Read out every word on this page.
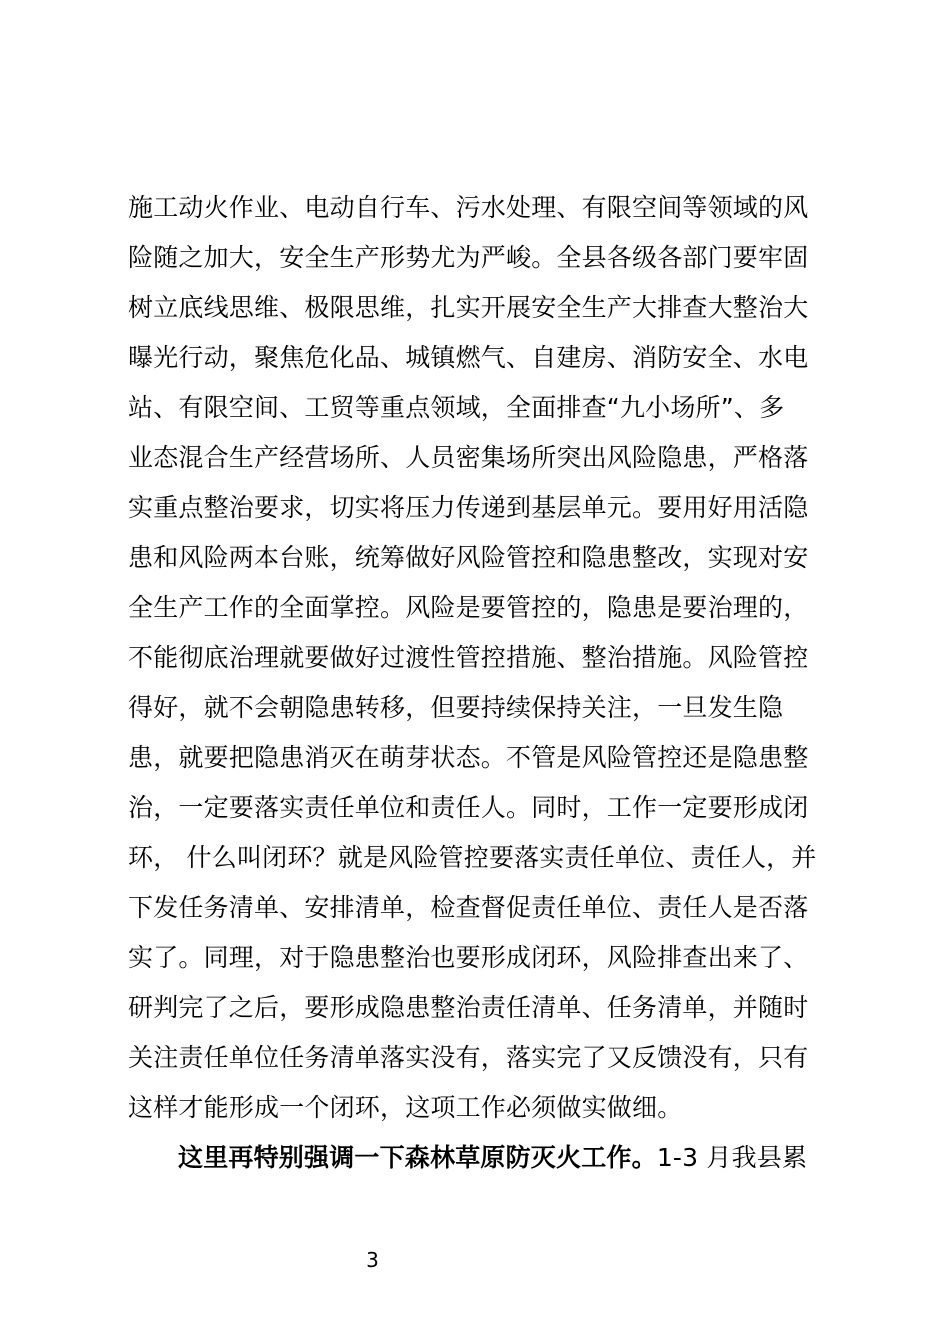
施工动火作业、电动自行车、污水处理、有限空间等领域的风
险随之加大，安全生产形势尤为严峻。全县各级各部门要牢固
树立底线思维、极限思维，扎实开展安全生产大排查大整治大
曝光行动，聚焦危化品、城镇燃气、自建房、消防安全、水电
站、有限空间、工贸等重点领域，全面排查“九小场所”、多
业态混合生产经营场所、人员密集场所突出风险隐患，严格落
实重点整治要求，切实将压力传递到基层单元。要用好用活隐
患和风险两本台账，统筹做好风险管控和隐患整改，实现对安
全生产工作的全面掌控。风险是要管控的，隐患是要治理的，
不能彻底治理就要做好过渡性管控措施、整治措施。风险管控
得好，就不会朝隐患转移，但要持续保持关注，一旦发生隐
患，就要把隐患消灭在萌芽状态。不管是风险管控还是隐患整
治，一定要落实责任单位和责任人。同时，工作一定要形成闭
环， 什么叫闭环？就是风险管控要落实责任单位、责任人，并
下发任务清单、安排清单，检查督促责任单位、责任人是否落
实了。同理，对于隐患整治也要形成闭环，风险排查出来了、
研判完了之后，要形成隐患整治责任清单、任务清单，并随时
关注责任单位任务清单落实没有，落实完了又反馈没有，只有
这样才能形成一个闭环，这项工作必须做实做细。
这里再特别强调一下森林草原防灭火工作。1-3 月我县累
3
